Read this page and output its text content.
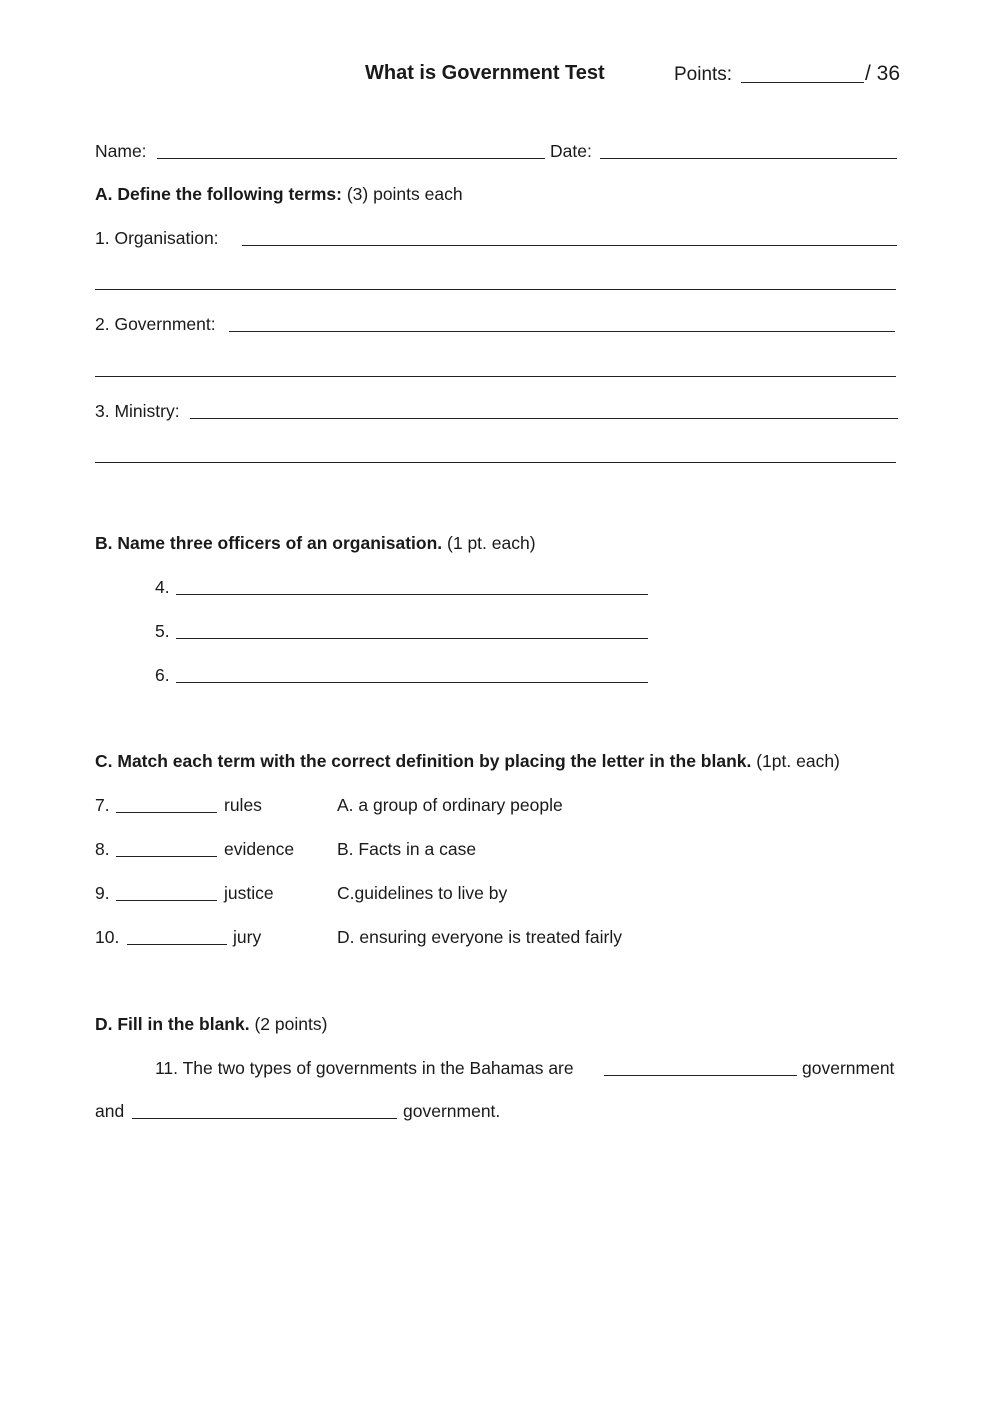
What is Government Test	Points:	/ 36
Name:	Date:
A. Define the following terms: (3) points each
1. Organisation:
2. Government:
3. Ministry:
B. Name three officers of an organisation. (1 pt. each)
4.
5.
6.
C. Match each term with the correct definition by placing the letter in the blank. (1pt. each)
7.	rules	A. a group of ordinary people
8.	evidence B. Facts in a case
9.	justice	C.guidelines to live by
10.	jury	D. ensuring everyone is treated fairly
D. Fill in the blank. (2 points)
11. The two types of governments in the Bahamas are	government
and	government.
